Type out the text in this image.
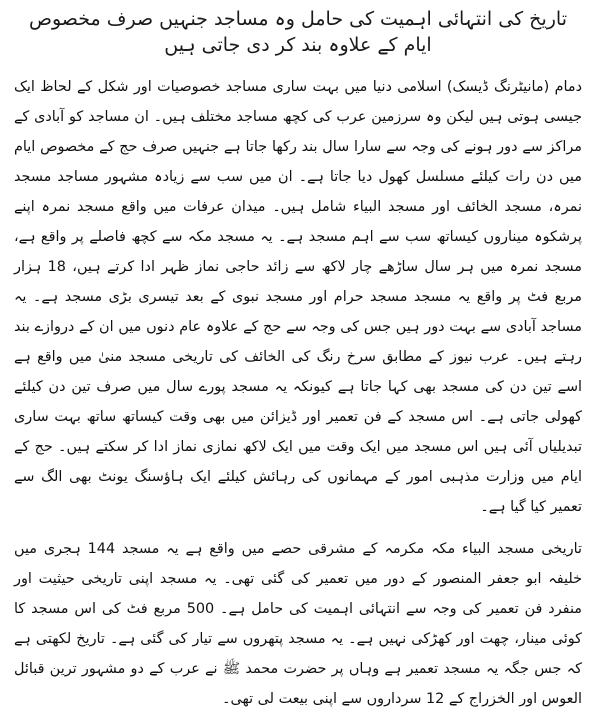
تاریخ کی انتہائی اہمیت کی حامل وہ مساجد جنہیں صرف مخصوص ایام کے علاوہ بند کر دی جاتی ہیں

دمام (مانیٹرنگ ڈیسک) اسلامی دنیا میں بہت ساری مساجد خصوصیات اور شکل کے لحاظ ایک جیسی ہوتی ہیں لیکن وہ سرزمین عرب کی کچھ مساجد مختلف ہیں۔ ان مساجد کو آبادی کے مراکز سے دور ہونے کی وجہ سے سارا سال بند رکھا جاتا ہے جنہیں صرف حج کے مخصوص ایام میں دن رات کیلئے مسلسل کھول دیا جاتا ہے۔ ان میں سب سے زیادہ مشہور مساجد مسجد نمرہ، مسجد الخائف اور مسجد البیاء شامل ہیں۔ میدان عرفات میں واقع مسجد نمرہ اپنے پرشکوہ میناروں کیساتھ سب سے اہم مسجد ہے۔ یہ مسجد مکہ سے کچھ فاصلے پر واقع ہے، مسجد نمرہ میں ہر سال ساڑھے چار لاکھ سے زائد حاجی نماز ظہر ادا کرتے ہیں، 18 ہزار مربع فٹ پر واقع یہ مسجد مسجد حرام اور مسجد نبوی کے بعد تیسری بڑی مسجد ہے۔ یہ مساجد آبادی سے بہت دور ہیں جس کی وجہ سے حج کے علاوہ عام دنوں میں ان کے دروازے بند رہتے ہیں۔ عرب نیوز کے مطابق سرخ رنگ کی الخائف کی تاریخی مسجد منیٰ میں واقع ہے اسے تین دن کی مسجد بھی کہا جاتا ہے کیونکہ یہ مسجد پورے سال میں صرف تین دن کیلئے کھولی جاتی ہے۔ اس مسجد کے فن تعمیر اور ڈیزائن میں بھی وقت کیساتھ ساتھ بہت ساری تبدیلیاں آئی ہیں اس مسجد میں ایک وقت میں ایک لاکھ نمازی نماز ادا کر سکتے ہیں۔ حج کے ایام میں وزارت مذہبی امور کے مہمانوں کی رہائش کیلئے ایک ہاؤسنگ یونٹ بھی الگ سے تعمیر کیا گیا ہے۔

تاریخی مسجد البیاء مکہ مکرمہ کے مشرقی حصے میں واقع ہے یہ مسجد 144 ہجری میں خلیفہ ابو جعفر المنصور کے دور میں تعمیر کی گئی تھی۔ یہ مسجد اپنی تاریخی حیثیت اور منفرد فن تعمیر کی وجہ سے انتہائی اہمیت کی حامل ہے۔ 500 مربع فٹ کی اس مسجد کا کوئی مینار، چھت اور کھڑکی نہیں ہے۔ یہ مسجد پتھروں سے تیار کی گئی ہے۔ تاریخ لکھتی ہے کہ جس جگہ یہ مسجد تعمیر ہے وہاں پر حضرت محمد ﷺ نے عرب کے دو مشہور ترین قبائل العوس اور الخزراج کے 12 سرداروں سے اپنی بیعت لی تھی۔
